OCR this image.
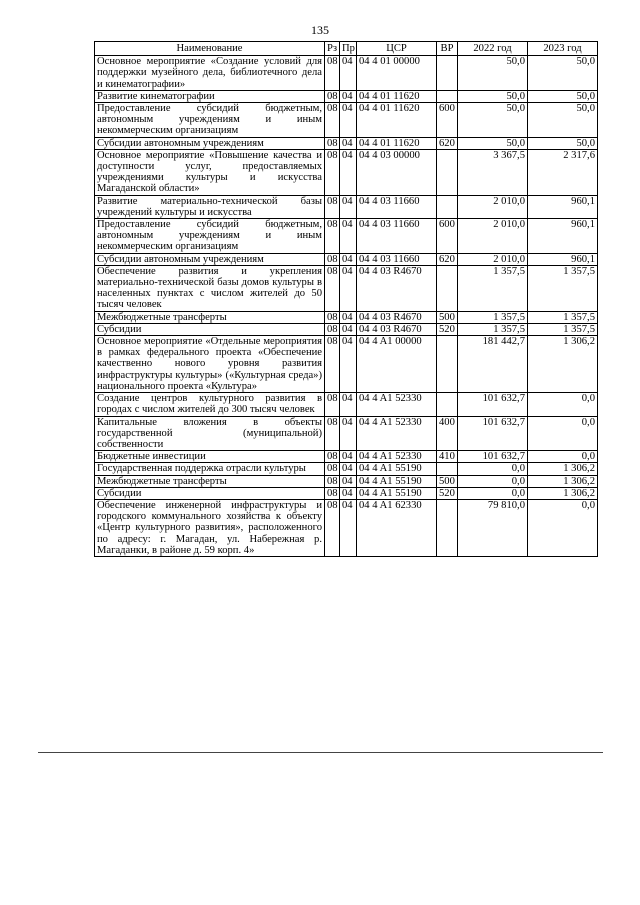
135
Наименование	Рз	Пр	ЦСР	ВР	2022 год	2023 год
Основное мероприятие «Создание условий для поддержки музейного дела, библиотечного дела и кинематографии»	08	04	04 4 01 00000		50,0	50,0
Развитие кинематографии	08	04	04 4 01 11620		50,0	50,0
Предоставление субсидий бюджетным, автономным учреждениям и иным некоммерческим организациям	08	04	04 4 01 11620	600	50,0	50,0
Субсидии автономным учреждениям	08	04	04 4 01 11620	620	50,0	50,0
Основное мероприятие «Повышение качества и доступности услуг, предоставляемых учреждениями культуры и искусства Магаданской области»	08	04	04 4 03 00000		3 367,5	2 317,6
Развитие материально-технической базы учреждений культуры и искусства	08	04	04 4 03 11660		2 010,0	960,1
Предоставление субсидий бюджетным, автономным учреждениям и иным некоммерческим организациям	08	04	04 4 03 11660	600	2 010,0	960,1
Субсидии автономным учреждениям	08	04	04 4 03 11660	620	2 010,0	960,1
Обеспечение развития и укрепления материально-технической базы домов культуры в населенных пунктах с числом жителей до 50 тысяч человек	08	04	04 4 03 R4670		1 357,5	1 357,5
Межбюджетные трансферты	08	04	04 4 03 R4670	500	1 357,5	1 357,5
Субсидии	08	04	04 4 03 R4670	520	1 357,5	1 357,5
Основное мероприятие «Отдельные мероприятия в рамках федерального проекта «Обеспечение качественно нового уровня развития инфраструктуры культуры» («Культурная среда») национального проекта «Культура»	08	04	04 4 A1 00000		181 442,7	1 306,2
Создание центров культурного развития в городах с числом жителей до 300 тысяч человек	08	04	04 4 A1 52330		101 632,7	0,0
Капитальные вложения в объекты государственной (муниципальной) собственности	08	04	04 4 A1 52330	400	101 632,7	0,0
Бюджетные инвестиции	08	04	04 4 A1 52330	410	101 632,7	0,0
Государственная поддержка отрасли культуры	08	04	04 4 A1 55190		0,0	1 306,2
Межбюджетные трансферты	08	04	04 4 A1 55190	500	0,0	1 306,2
Субсидии	08	04	04 4 A1 55190	520	0,0	1 306,2
Обеспечение инженерной инфраструктуры и городского коммунального хозяйства к объекту «Центр культурного развития», расположенного по адресу: г. Магадан, ул. Набережная р. Магаданки, в районе д. 59 корп. 4»	08	04	04 4 A1 62330		79 810,0	0,0
